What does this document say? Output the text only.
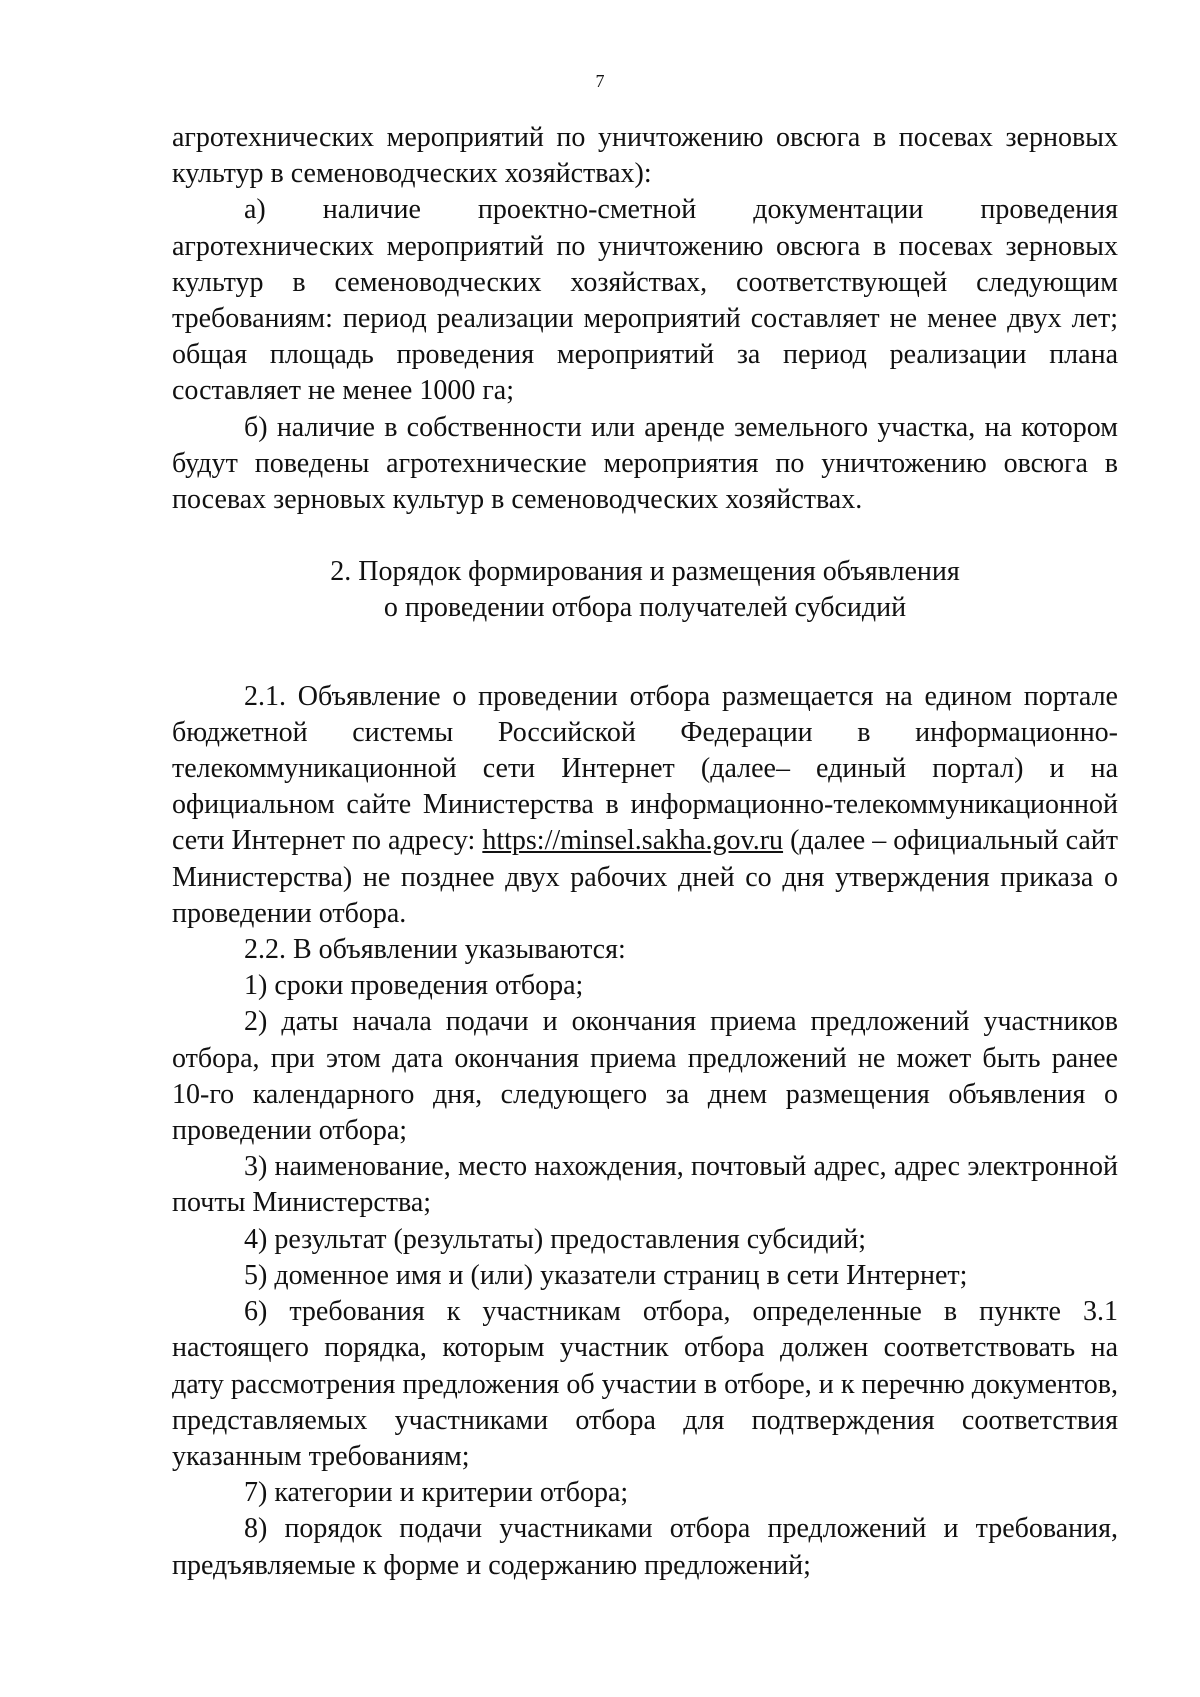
7

агротехнических мероприятий по уничтожению овсюга в посевах зерновых культур в семеноводческих хозяйствах):

а) наличие проектно-сметной документации проведения агротехнических мероприятий по уничтожению овсюга в посевах зерновых культур в семеноводческих хозяйствах, соответствующей следующим требованиям: период реализации мероприятий составляет не менее двух лет; общая площадь проведения мероприятий за период реализации плана составляет не менее 1000 га;

б) наличие в собственности или аренде земельного участка, на котором будут поведены агротехнические мероприятия по уничтожению овсюга в посевах зерновых культур в семеноводческих хозяйствах.

2. Порядок формирования и размещения объявления
о проведении отбора получателей субсидий

2.1. Объявление о проведении отбора размещается на едином портале бюджетной системы Российской Федерации в информационно-телекоммуникационной сети Интернет (далее– единый портал) и на официальном сайте Министерства в информационно-телекоммуникационной сети Интернет по адресу: https://minsel.sakha.gov.ru (далее – официальный сайт Министерства) не позднее двух рабочих дней со дня утверждения приказа о проведении отбора.

2.2. В объявлении указываются:

1) сроки проведения отбора;

2) даты начала подачи и окончания приема предложений участников отбора, при этом дата окончания приема предложений не может быть ранее 10-го календарного дня, следующего за днем размещения объявления о проведении отбора;

3) наименование, место нахождения, почтовый адрес, адрес электронной почты Министерства;

4) результат (результаты) предоставления субсидий;

5) доменное имя и (или) указатели страниц в сети Интернет;

6) требования к участникам отбора, определенные в пункте 3.1 настоящего порядка, которым участник отбора должен соответствовать на дату рассмотрения предложения об участии в отборе, и к перечню документов, представляемых участниками отбора для подтверждения соответствия указанным требованиям;

7) категории и критерии отбора;

8) порядок подачи участниками отбора предложений и требования, предъявляемые к форме и содержанию предложений;
